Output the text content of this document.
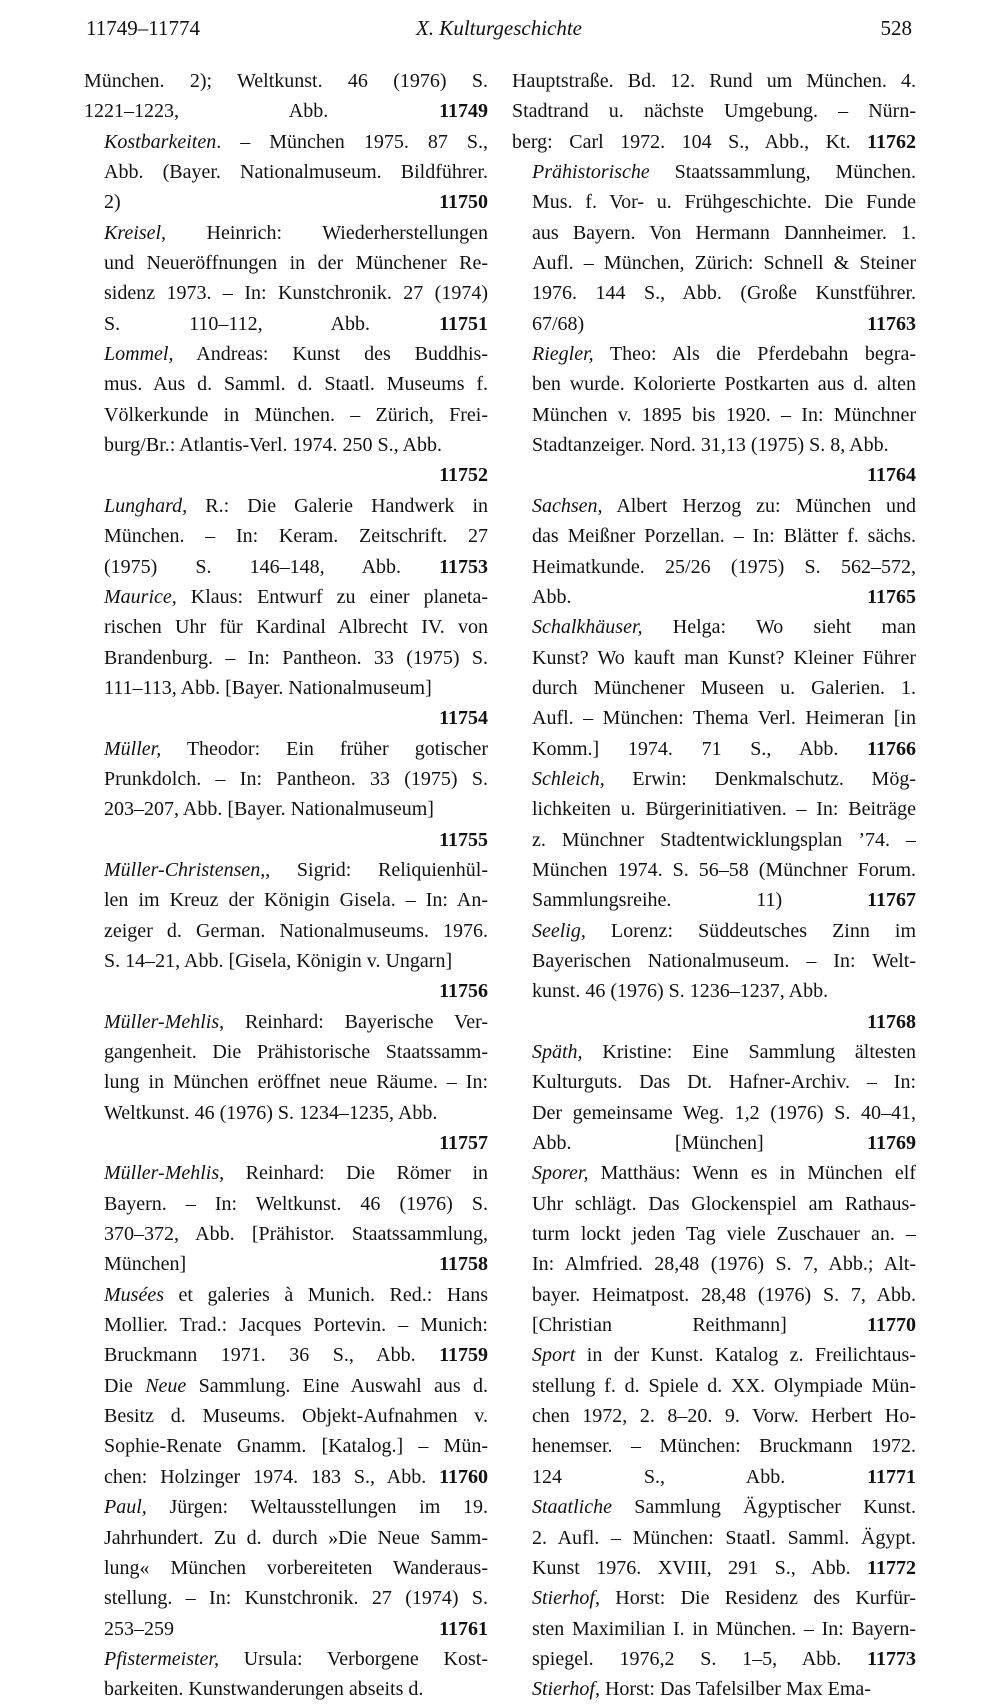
11749–11774	X. Kulturgeschichte	528
München. 2); Weltkunst. 46 (1976) S.
1221–1223, Abb.	11749
Kostbarkeiten. – München 1975. 87 S.,
Abb. (Bayer. Nationalmuseum. Bildführer.
2)	11750
Kreisel, Heinrich: Wiederherstellungen
und Neueröffnungen in der Münchener Re-
sidenz 1973. – In: Kunstchronik. 27 (1974)
S. 110–112, Abb.	11751
Lommel, Andreas: Kunst des Buddhis-
mus. Aus d. Samml. d. Staatl. Museums f.
Völkerkunde in München. – Zürich, Frei-
burg/Br.: Atlantis-Verl. 1974. 250 S., Abb.
11752
Lunghard, R.: Die Galerie Handwerk in
München. – In: Keram. Zeitschrift. 27
(1975) S. 146–148, Abb. 11753
Maurice, Klaus: Entwurf zu einer planeta-
rischen Uhr für Kardinal Albrecht IV. von
Brandenburg. – In: Pantheon. 33 (1975) S.
111–113, Abb. [Bayer. Nationalmuseum]
11754
Müller, Theodor: Ein früher gotischer
Prunkdolch. – In: Pantheon. 33 (1975) S.
203–207, Abb. [Bayer. Nationalmuseum]
11755
Müller-Christensen,, Sigrid: Reliquienhül-
len im Kreuz der Königin Gisela. – In: An-
zeiger d. German. Nationalmuseums. 1976.
S. 14–21, Abb. [Gisela, Königin v. Ungarn]
11756
Müller-Mehlis, Reinhard: Bayerische Ver-
gangenheit. Die Prähistorische Staatssamm-
lung in München eröffnet neue Räume. – In:
Weltkunst. 46 (1976) S. 1234–1235, Abb.
11757
Müller-Mehlis, Reinhard: Die Römer in
Bayern. – In: Weltkunst. 46 (1976) S.
370–372, Abb. [Prähistor. Staatssammlung,
München]	11758
Musées et galeries à Munich. Red.: Hans
Mollier. Trad.: Jacques Portevin. – Munich:
Bruckmann 1971. 36 S., Abb. 11759
Die Neue Sammlung. Eine Auswahl aus d.
Besitz d. Museums. Objekt-Aufnahmen v.
Sophie-Renate Gnamm. [Katalog.] – Mün-
chen: Holzinger 1974. 183 S., Abb. 11760
Paul, Jürgen: Weltausstellungen im 19.
Jahrhundert. Zu d. durch »Die Neue Samm-
lung« München vorbereiteten Wanderaus-
stellung. – In: Kunstchronik. 27 (1974) S.
253–259	11761
Pfistermeister, Ursula: Verborgene Kost-
barkeiten. Kunstwanderungen abseits d.
Hauptstraße. Bd. 12. Rund um München. 4.
Stadtrand u. nächste Umgebung. – Nürn-
berg: Carl 1972. 104 S., Abb., Kt. 11762
Prähistorische Staatssammlung, München.
Mus. f. Vor- u. Frühgeschichte. Die Funde
aus Bayern. Von Hermann Dannheimer. 1.
Aufl. – München, Zürich: Schnell & Steiner
1976. 144 S., Abb. (Große Kunstführer.
67/68)	11763
Riegler, Theo: Als die Pferdebahn begra-
ben wurde. Kolorierte Postkarten aus d. alten
München v. 1895 bis 1920. – In: Münchner
Stadtanzeiger. Nord. 31,13 (1975) S. 8, Abb.
11764
Sachsen, Albert Herzog zu: München und
das Meißner Porzellan. – In: Blätter f. sächs.
Heimatkunde. 25/26 (1975) S. 562–572,
Abb.	11765
Schalkhäuser, Helga: Wo sieht man
Kunst? Wo kauft man Kunst? Kleiner Führer
durch Münchener Museen u. Galerien. 1.
Aufl. – München: Thema Verl. Heimeran [in
Komm.] 1974. 71 S., Abb. 11766
Schleich, Erwin: Denkmalschutz. Mög-
lichkeiten u. Bürgerinitiativen. – In: Beiträge
z. Münchner Stadtentwicklungsplan ’74. –
München 1974. S. 56–58 (Münchner Forum.
Sammlungsreihe. 11)	11767
Seelig, Lorenz: Süddeutsches Zinn im
Bayerischen Nationalmuseum. – In: Welt-
kunst. 46 (1976) S. 1236–1237, Abb.
11768
Späth, Kristine: Eine Sammlung ältesten
Kulturguts. Das Dt. Hafner-Archiv. – In:
Der gemeinsame Weg. 1,2 (1976) S. 40–41,
Abb. [München]	11769
Sporer, Matthäus: Wenn es in München elf
Uhr schlägt. Das Glockenspiel am Rathaus-
turm lockt jeden Tag viele Zuschauer an. –
In: Almfried. 28,48 (1976) S. 7, Abb.; Alt-
bayer. Heimatpost. 28,48 (1976) S. 7, Abb.
[Christian Reithmann]	11770
Sport in der Kunst. Katalog z. Freilichtaus-
stellung f. d. Spiele d. XX. Olympiade Mün-
chen 1972, 2. 8–20. 9. Vorw. Herbert Ho-
henemser. – München: Bruckmann 1972.
124 S., Abb.	11771
Staatliche Sammlung Ägyptischer Kunst.
2. Aufl. – München: Staatl. Samml. Ägypt.
Kunst 1976. XVIII, 291 S., Abb. 11772
Stierhof, Horst: Die Residenz des Kurfür-
sten Maximilian I. in München. – In: Bayern-
spiegel. 1976,2 S. 1–5, Abb. 11773
Stierhof, Horst: Das Tafelsilber Max Ema-
